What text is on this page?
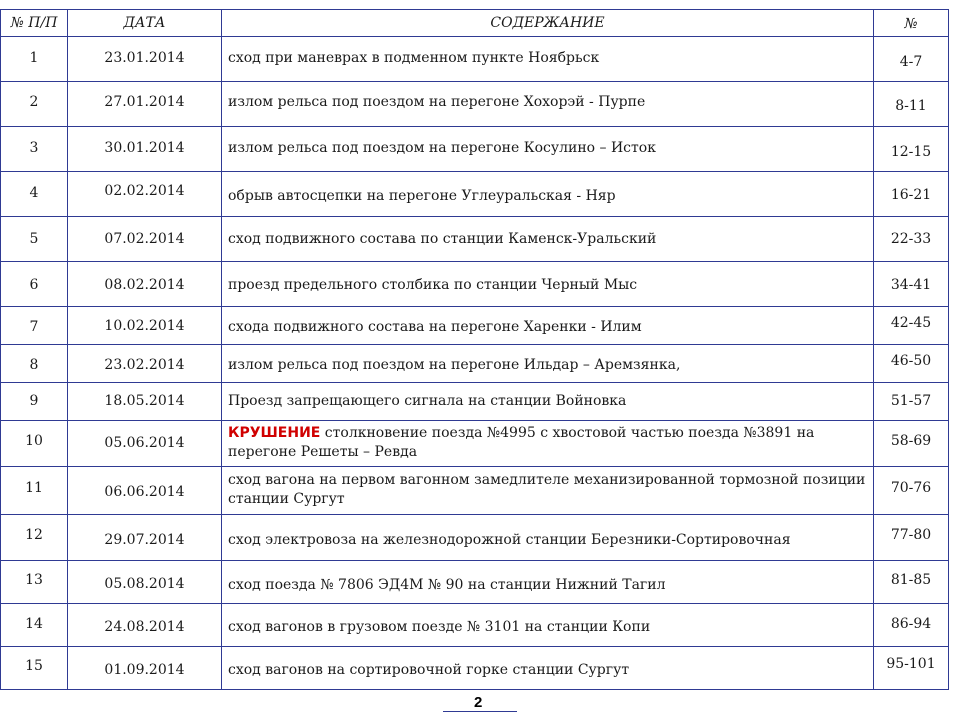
№ П/П	ДАТА	СОДЕРЖАНИЕ	№
1	23.01.2014	сход при маневрах в подменном пункте Ноябрьск	4-7
2	27.01.2014	излом рельса под поездом на перегоне Хохорэй - Пурпе	8-11
3	30.01.2014	излом рельса под поездом на перегоне Косулино – Исток	12-15
4	02.02.2014	обрыв автосцепки на перегоне Углеуральская - Няр	16-21
5	07.02.2014	сход подвижного состава по станции Каменск-Уральский	22-33
6	08.02.2014	проезд предельного столбика по станции Черный Мыс	34-41
7	10.02.2014	схода подвижного состава на перегоне Харенки - Илим	42-45
8	23.02.2014	излом рельса под поездом на перегоне Ильдар – Аремзянка,	46-50
9	18.05.2014	Проезд запрещающего сигнала на станции Войновка	51-57
10	05.06.2014	КРУШЕНИЕ столкновение поезда №4995 с хвостовой частью поезда №3891 на перегоне Решеты – Ревда	58-69
11	06.06.2014	сход вагона на первом вагонном замедлителе механизированной тормозной позиции станции Сургут	70-76
12	29.07.2014	сход электровоза на железнодорожной станции Березники-Сортировочная	77-80
13	05.08.2014	сход поезда № 7806 ЭД4М № 90 на станции Нижний Тагил	81-85
14	24.08.2014	сход вагонов в грузовом поезде № 3101 на станции Копи	86-94
15	01.09.2014	сход вагонов на сортировочной горке станции Сургут	95-101
2
